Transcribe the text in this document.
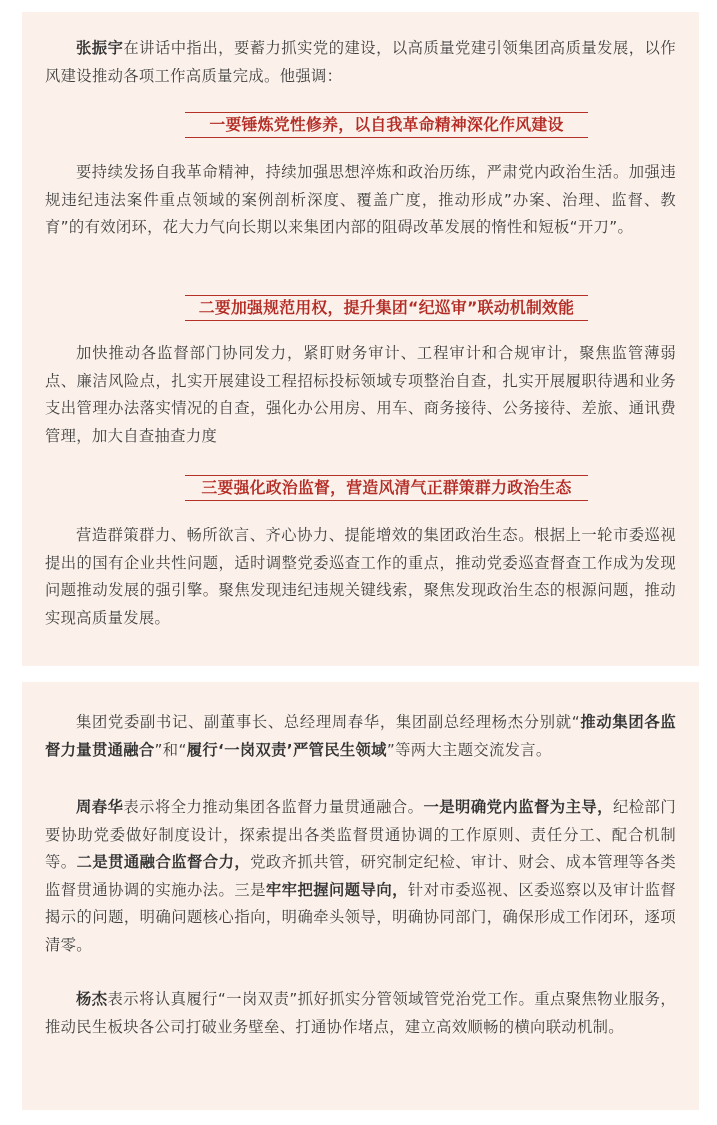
张振宇在讲话中指出，要蓄力抓实党的建设，以高质量党建引领集团高质量发展，以作风建设推动各项工作高质量完成。他强调：

一要锤炼党性修养，以自我革命精神深化作风建设

要持续发扬自我革命精神，持续加强思想淬炼和政治历练，严肃党内政治生活。加强违规违纪违法案件重点领域的案例剖析深度、覆盖广度，推动形成”办案、治理、监督、教育”的有效闭环，花大力气向长期以来集团内部的阻碍改革发展的惰性和短板“开刀”。

二要加强规范用权，提升集团“纪巡审”联动机制效能

加快推动各监督部门协同发力，紧盯财务审计、工程审计和合规审计，聚焦监管薄弱点、廉洁风险点，扎实开展建设工程招标投标领域专项整治自查，扎实开展履职待遇和业务支出管理办法落实情况的自查，强化办公用房、用车、商务接待、公务接待、差旅、通讯费管理，加大自查抽查力度

三要强化政治监督，营造风清气正群策群力政治生态

营造群策群力、畅所欲言、齐心协力、提能增效的集团政治生态。根据上一轮市委巡视提出的国有企业共性问题，适时调整党委巡查工作的重点，推动党委巡查督查工作成为发现问题推动发展的强引擎。聚焦发现违纪违规关键线索，聚焦发现政治生态的根源问题，推动实现高质量发展。

集团党委副书记、副董事长、总经理周春华，集团副总经理杨杰分别就“推动集团各监督力量贯通融合”和“履行‘一岗双责’严管民生领域”等两大主题交流发言。

周春华表示将全力推动集团各监督力量贯通融合。一是明确党内监督为主导，纪检部门要协助党委做好制度设计，探索提出各类监督贯通协调的工作原则、责任分工、配合机制等。二是贯通融合监督合力，党政齐抓共管，研究制定纪检、审计、财会、成本管理等各类监督贯通协调的实施办法。三是牢牢把握问题导向，针对市委巡视、区委巡察以及审计监督揭示的问题，明确问题核心指向，明确牵头领导，明确协同部门，确保形成工作闭环，逐项清零。

杨杰表示将认真履行“一岗双责”抓好抓实分管领域管党治党工作。重点聚焦物业服务，推动民生板块各公司打破业务壁垒、打通协作堵点，建立高效顺畅的横向联动机制。
